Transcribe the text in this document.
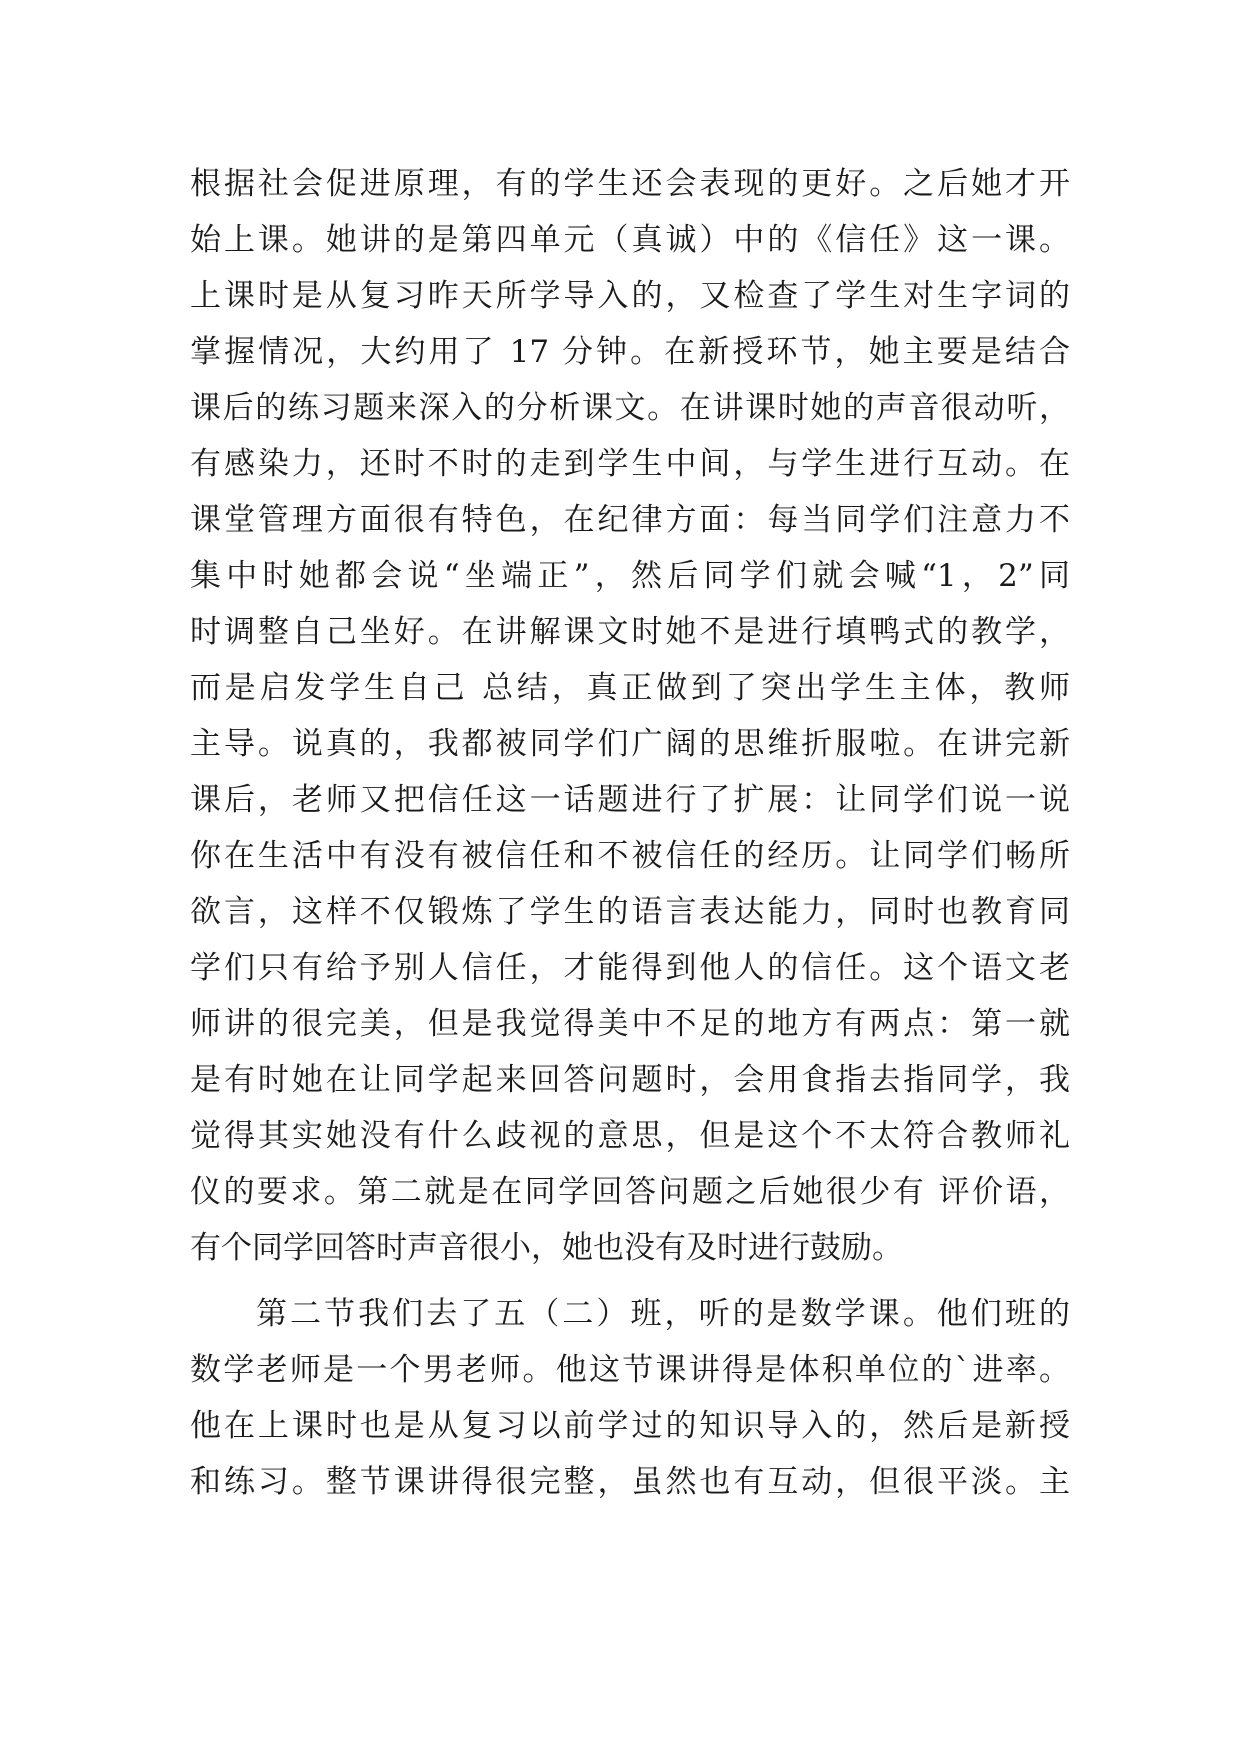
根据社会促进原理，有的学生还会表现的更好。之后她才开
始上课。她讲的是第四单元（真诚）中的《信任》这一课。
上课时是从复习昨天所学导入的，又检查了学生对生字词的
掌握情况，大约用了 17 分钟。在新授环节，她主要是结合
课后的练习题来深入的分析课文。在讲课时她的声音很动听，
有感染力，还时不时的走到学生中间，与学生进行互动。在
课堂管理方面很有特色，在纪律方面：每当同学们注意力不
集中时她都会说“坐端正”，然后同学们就会喊“1，2”同
时调整自己坐好。在讲解课文时她不是进行填鸭式的教学，
而是启发学生自己 总结，真正做到了突出学生主体，教师
主导。说真的，我都被同学们广阔的思维折服啦。在讲完新
课后，老师又把信任这一话题进行了扩展：让同学们说一说
你在生活中有没有被信任和不被信任的经历。让同学们畅所
欲言，这样不仅锻炼了学生的语言表达能力，同时也教育同
学们只有给予别人信任，才能得到他人的信任。这个语文老
师讲的很完美，但是我觉得美中不足的地方有两点：第一就
是有时她在让同学起来回答问题时，会用食指去指同学，我
觉得其实她没有什么歧视的意思，但是这个不太符合教师礼
仪的要求。第二就是在同学回答问题之后她很少有 评价语，
有个同学回答时声音很小，她也没有及时进行鼓励。
第二节我们去了五（二）班，听的是数学课。他们班的
数学老师是一个男老师。他这节课讲得是体积单位的`进率。
他在上课时也是从复习以前学过的知识导入的，然后是新授
和练习。整节课讲得很完整，虽然也有互动，但很平淡。主
